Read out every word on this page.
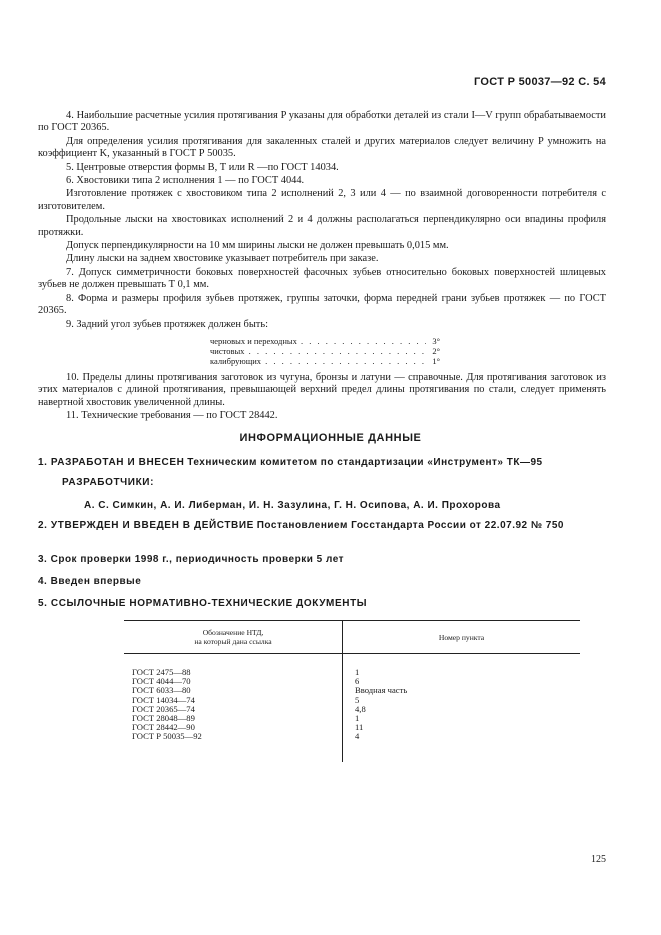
ГОСТ Р 50037—92 С. 54

4. Наибольшие расчетные усилия протягивания P указаны для обработки деталей из стали I—V групп обрабатываемости по ГОСТ 20365.

Для определения усилия протягивания для закаленных сталей и других материалов следует величину P умножить на коэффициент K, указанный в ГОСТ Р 50035.

5. Центровые отверстия формы В, Т или R —по ГОСТ 14034.

6. Хвостовики типа 2 исполнения 1 — по ГОСТ 4044.

Изготовление протяжек с хвостовиком типа 2 исполнений 2, 3 или 4 — по взаимной договоренности потребителя с изготовителем.

Продольные лыски на хвостовиках исполнений 2 и 4 должны располагаться перпендикулярно оси впадины профиля протяжки.

Допуск перпендикулярности на 10 мм ширины лыски не должен превышать 0,015 мм.

Длину лыски на заднем хвостовике указывает потребитель при заказе.

7. Допуск симметричности боковых поверхностей фасочных зубьев относительно боковых поверхностей шлицевых зубьев не должен превышать Т 0,1 мм.

8. Форма и размеры профиля зубьев протяжек, группы заточки, форма передней грани зубьев протяжек — по ГОСТ 20365.

9. Задний угол зубьев протяжек должен быть:

черновых и переходных . . .	3°
чистовых . . .	2°
калибрующих . . .	1°

10. Пределы длины протягивания заготовок из чугуна, бронзы и латуни — справочные. Для протягивания заготовок из этих материалов с длиной протягивания, превышающей верхний предел длины протягивания по стали, следует применять навертной хвостовик увеличенной длины.

11. Технические требования — по ГОСТ 28442.

ИНФОРМАЦИОННЫЕ ДАННЫЕ
1. РАЗРАБОТАН И ВНЕСЕН Техническим комитетом по стандартизации «Инструмент» ТК—95
РАЗРАБОТЧИКИ:
А. С. Симкин, А. И. Либерман, И. Н. Зазулина, Г. Н. Осипова, А. И. Прохорова
2. УТВЕРЖДЕН И ВВЕДЕН В ДЕЙСТВИЕ Постановлением Госстандарта России от 22.07.92 № 750
3. Срок проверки 1998 г., периодичность проверки 5 лет
4. Введен впервые
5. ССЫЛОЧНЫЕ НОРМАТИВНО-ТЕХНИЧЕСКИЕ ДОКУМЕНТЫ
Обозначение НТД,
на который дана ссылка	Номер пункта
ГОСТ 2475—88	1
ГОСТ 4044—70	6
ГОСТ 6033—80	Вводная часть
ГОСТ 14034—74	5
ГОСТ 20365—74	4,8
ГОСТ 28048—89	1
ГОСТ 28442—90	11
ГОСТ Р 50035—92	4
125
